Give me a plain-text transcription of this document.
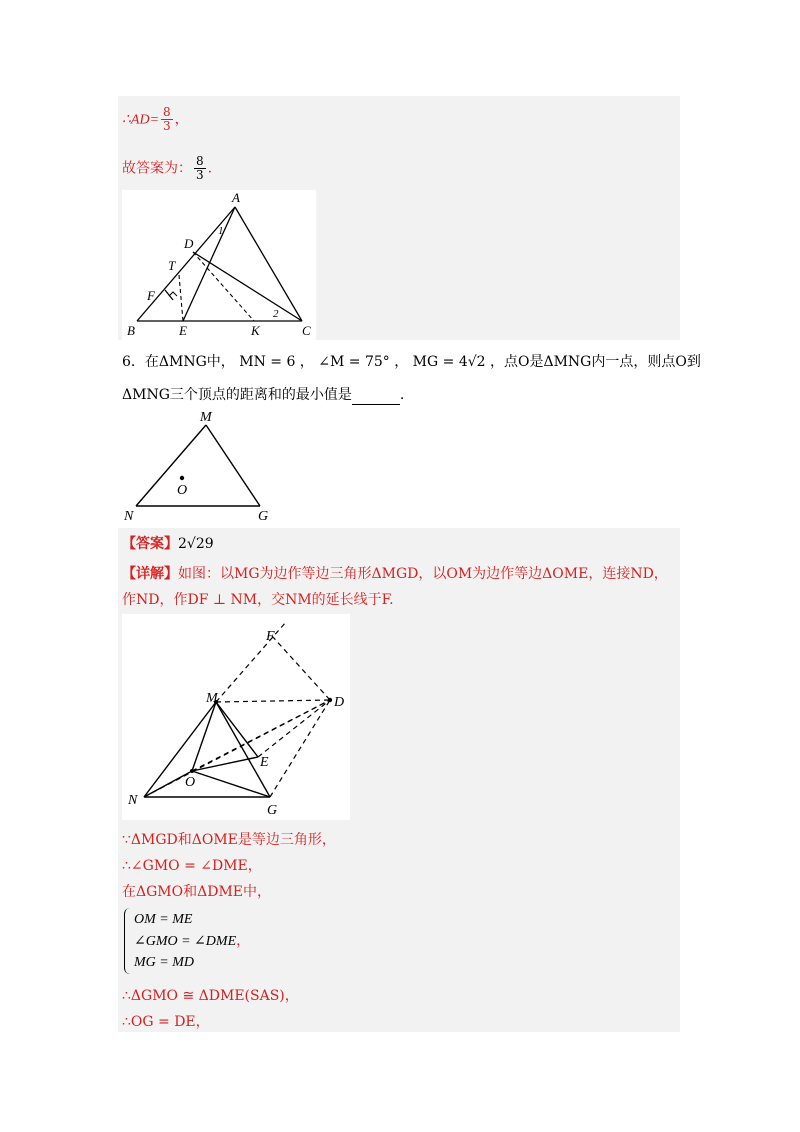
∴AD= $\frac{8}{3}$ ，
故答案为： $\frac{8}{3}$ .
A
D
1
T
F
B	E	K
2
C
6．在ΔMNG中， MN = 6 ， ∠M = 75° ， MG = 4√2 ，点O是ΔMNG内一点，则点O到
ΔMNG三个顶点的距离和的最小值是	.
M
O
N	G
【答案】2√29
【详解】如图：以MG为边作等边三角形ΔMGD，以OM为边作等边ΔOME，连接ND，
作ND，作DF ⊥ NM，交NM的延长线于F.
F
M	D
E
O
N
G
∵ΔMGD和ΔOME是等边三角形，
∴∠GMO = ∠DME，
在ΔGMO和ΔDME中，
OM = ME
∠GMO = ∠DME，
MG = MD
∴ΔGMO ≅ ΔDME(SAS)，
∴OG = DE，
